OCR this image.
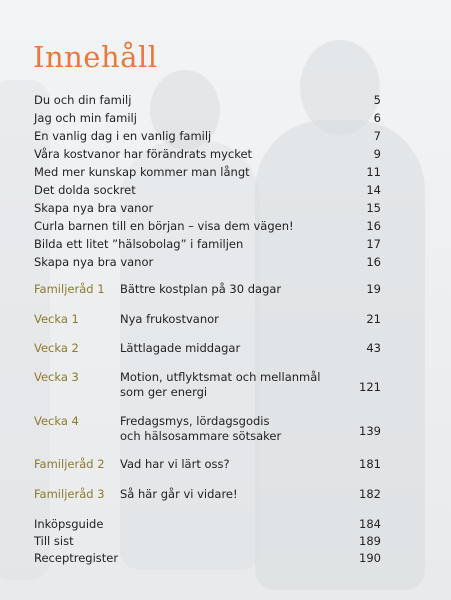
Innehåll
Du och din familj	5
Jag och min familj	6
En vanlig dag i en vanlig familj	7
Våra kostvanor har förändrats mycket	9
Med mer kunskap kommer man långt	11
Det dolda sockret	14
Skapa nya bra vanor	15
Curla barnen till en början – visa dem vägen!	16
Bilda ett litet ”hälsobolag” i familjen	17
Skapa nya bra vanor	16
Familjeråd 1 Bättre kostplan på 30 dagar	19
Vecka 1	Nya frukostvanor	21
Vecka 2	Lättlagade middagar	43
Vecka 3	Motion, utflyktsmat och mellanmål
som ger energi	121
Vecka 4	Fredagsmys, lördagsgodis
och hälsosammare sötsaker	139
Familjeråd 2 Vad har vi lärt oss?	181
Familjeråd 3 Så här går vi vidare!	182
Inköpsguide	184
Till sist	189
Receptregister	190
